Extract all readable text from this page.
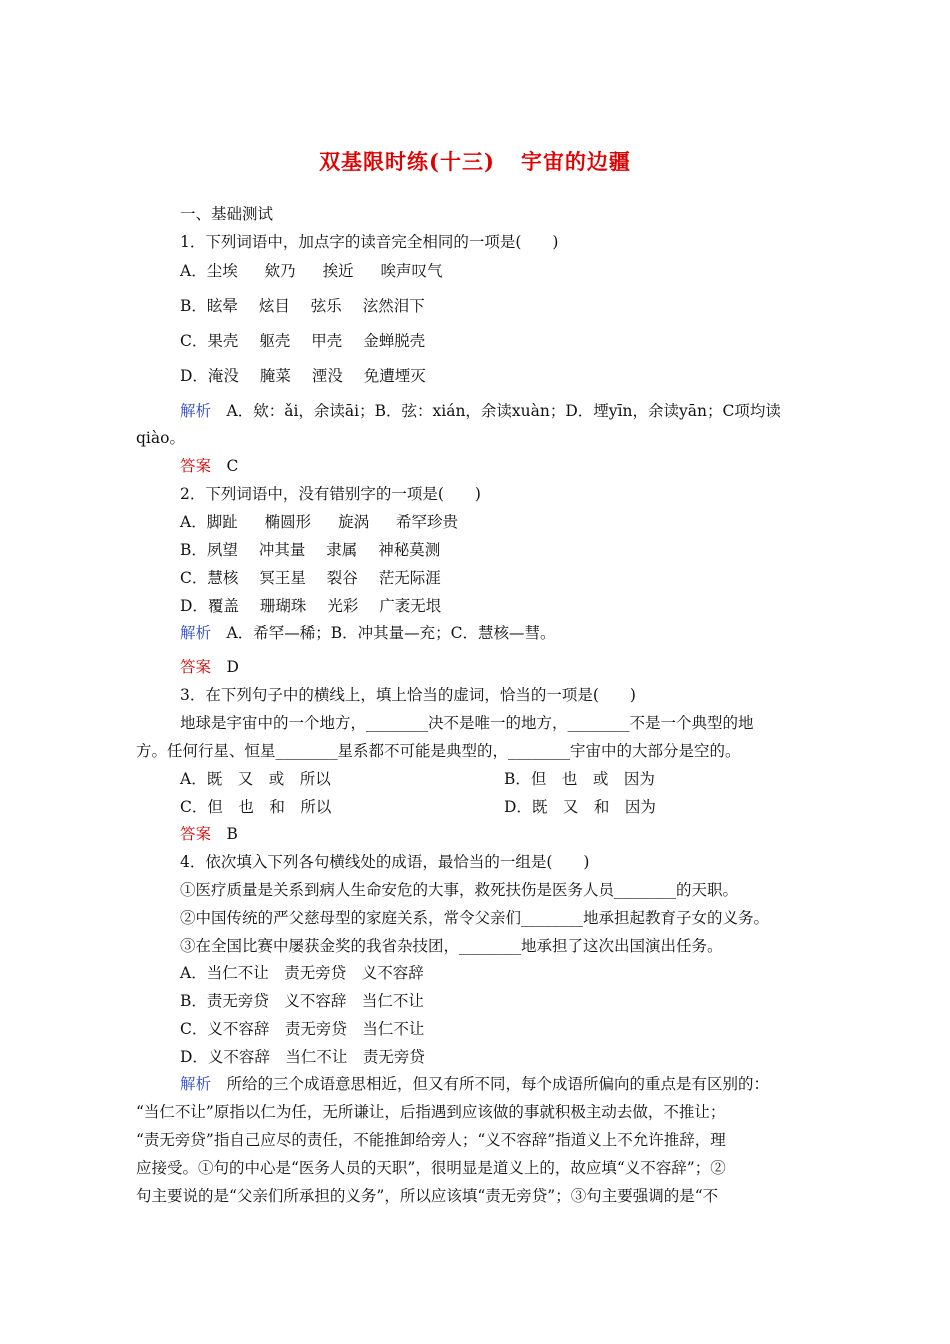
双基限时练(十三) 宇宙的边疆
一、基础测试
1．下列词语中，加点字的读音完全相同的一项是(　　)
A．尘埃 欸乃 挨近 唉声叹气
B．眩晕 炫目 弦乐 泫然泪下
C．果壳 躯壳 甲壳 金蝉脱壳
D．淹没 腌菜 湮没 免遭堙灭
解析　 A．欸：ǎi，余读āi；B．弦：xián，余读xuàn；D．堙yīn，余读yān；C项均读
qiào。
答案　 C
2．下列词语中，没有错别字的一项是(　　)
A．脚趾 椭圆形 旋涡 希罕珍贵
B．夙望 冲其量 隶属 神秘莫测
C．慧核 冥王星 裂谷 茫无际涯
D．覆盖 珊瑚珠 光彩 广袤无垠
解析　 A．希罕—稀；B．冲其量—充；C．慧核—彗。
答案　 D
3．在下列句子中的横线上，填上恰当的虚词，恰当的一项是(　　)
地球是宇宙中的一个地方，________决不是唯一的地方，________不是一个典型的地
方。任何行星、恒星________星系都不可能是典型的，________宇宙中的大部分是空的。
A．既　又　或　所以	B．但　也　或　因为
C．但　也　和　所以	D．既　又　和　因为
答案　 B
4．依次填入下列各句横线处的成语，最恰当的一组是(　　)
①医疗质量是关系到病人生命安危的大事，救死扶伤是医务人员________的天职。
②中国传统的严父慈母型的家庭关系，常令父亲们________地承担起教育子女的义务。
③在全国比赛中屡获金奖的我省杂技团，________地承担了这次出国演出任务。
A．当仁不让　责无旁贷　义不容辞
B．责无旁贷　义不容辞　当仁不让
C．义不容辞　责无旁贷　当仁不让
D．义不容辞　当仁不让　责无旁贷
解析　 所给的三个成语意思相近，但又有所不同，每个成语所偏向的重点是有区别的：
“当仁不让”原指以仁为任，无所谦让，后指遇到应该做的事就积极主动去做，不推让；
“责无旁贷”指自己应尽的责任，不能推卸给旁人；“义不容辞”指道义上不允许推辞，理
应接受。①句的中心是“医务人员的天职”，很明显是道义上的，故应填“义不容辞”；②
句主要说的是“父亲们所承担的义务”，所以应该填“责无旁贷”；③句主要强调的是“不
